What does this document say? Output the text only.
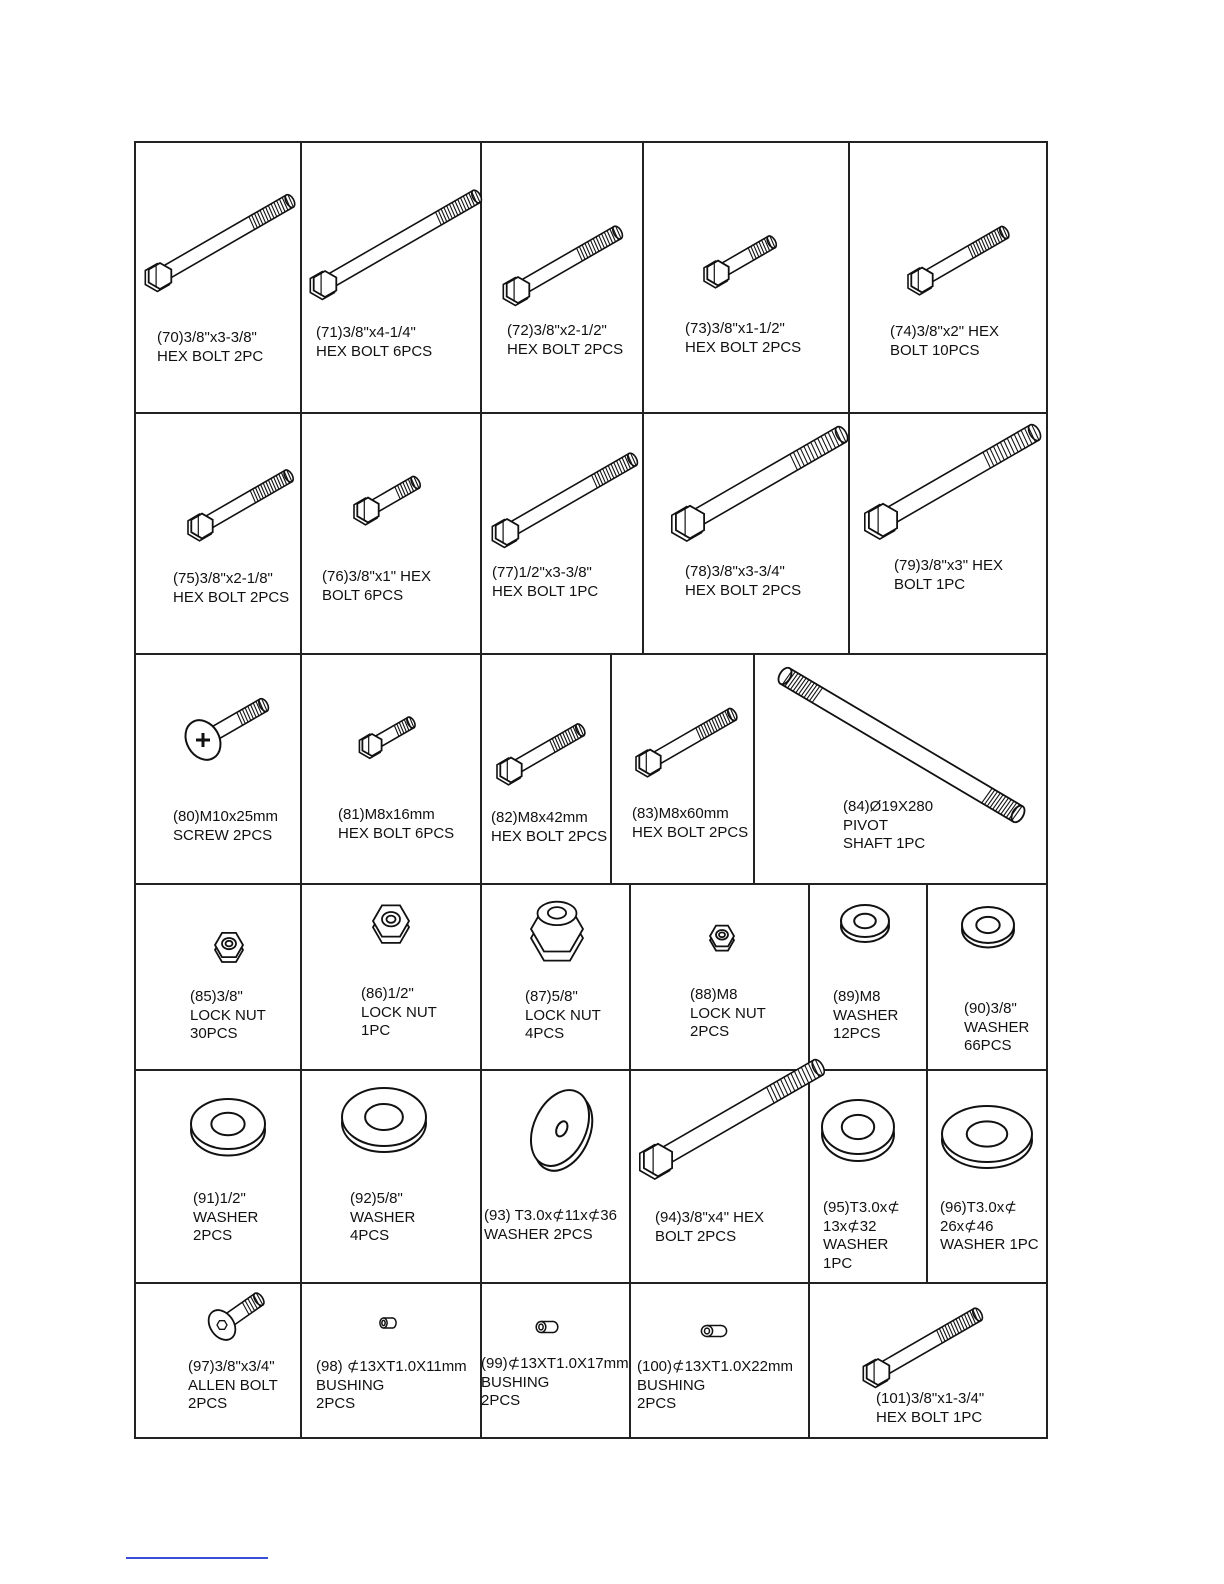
(70)3/8"x3-3/8"
HEX BOLT 2PC
(71)3/8"x4-1/4"
HEX BOLT 6PCS
(72)3/8"x2-1/2"
HEX BOLT 2PCS
(73)3/8"x1-1/2"
HEX BOLT 2PCS
(74)3/8"x2" HEX
BOLT 10PCS
(75)3/8"x2-1/8"
HEX BOLT 2PCS
(76)3/8"x1" HEX
BOLT 6PCS
(77)1/2"x3-3/8"
HEX BOLT 1PC
(78)3/8"x3-3/4"
HEX BOLT 2PCS
(79)3/8"x3" HEX
BOLT 1PC
(80)M10x25mm
SCREW 2PCS
(81)M8x16mm
HEX BOLT 6PCS
(82)M8x42mm
HEX BOLT 2PCS
(83)M8x60mm
HEX BOLT 2PCS
(84)Ø19X280
PIVOT
SHAFT 1PC
(85)3/8"
LOCK NUT
30PCS
(86)1/2"
LOCK NUT
1PC
(87)5/8"
LOCK NUT
4PCS
(88)M8
LOCK NUT
2PCS
(89)M8
WASHER
12PCS
(90)3/8"
WASHER
66PCS
(91)1/2"
WASHER
2PCS
(92)5/8"
WASHER
4PCS
(93) T3.0x⊄11x⊄36
WASHER 2PCS
(94)3/8"x4" HEX
BOLT 2PCS
(95)T3.0x⊄
13x⊄32
WASHER
1PC
(96)T3.0x⊄
26x⊄46
WASHER 1PC
(97)3/8"x3/4"
ALLEN BOLT
2PCS
(98) ⊄13XT1.0X11mm
BUSHING
2PCS
(99)⊄13XT1.0X17mm
BUSHING
2PCS
(100)⊄13XT1.0X22mm
BUSHING
2PCS	(101)3/8"x1-3/4"
HEX BOLT 1PC
